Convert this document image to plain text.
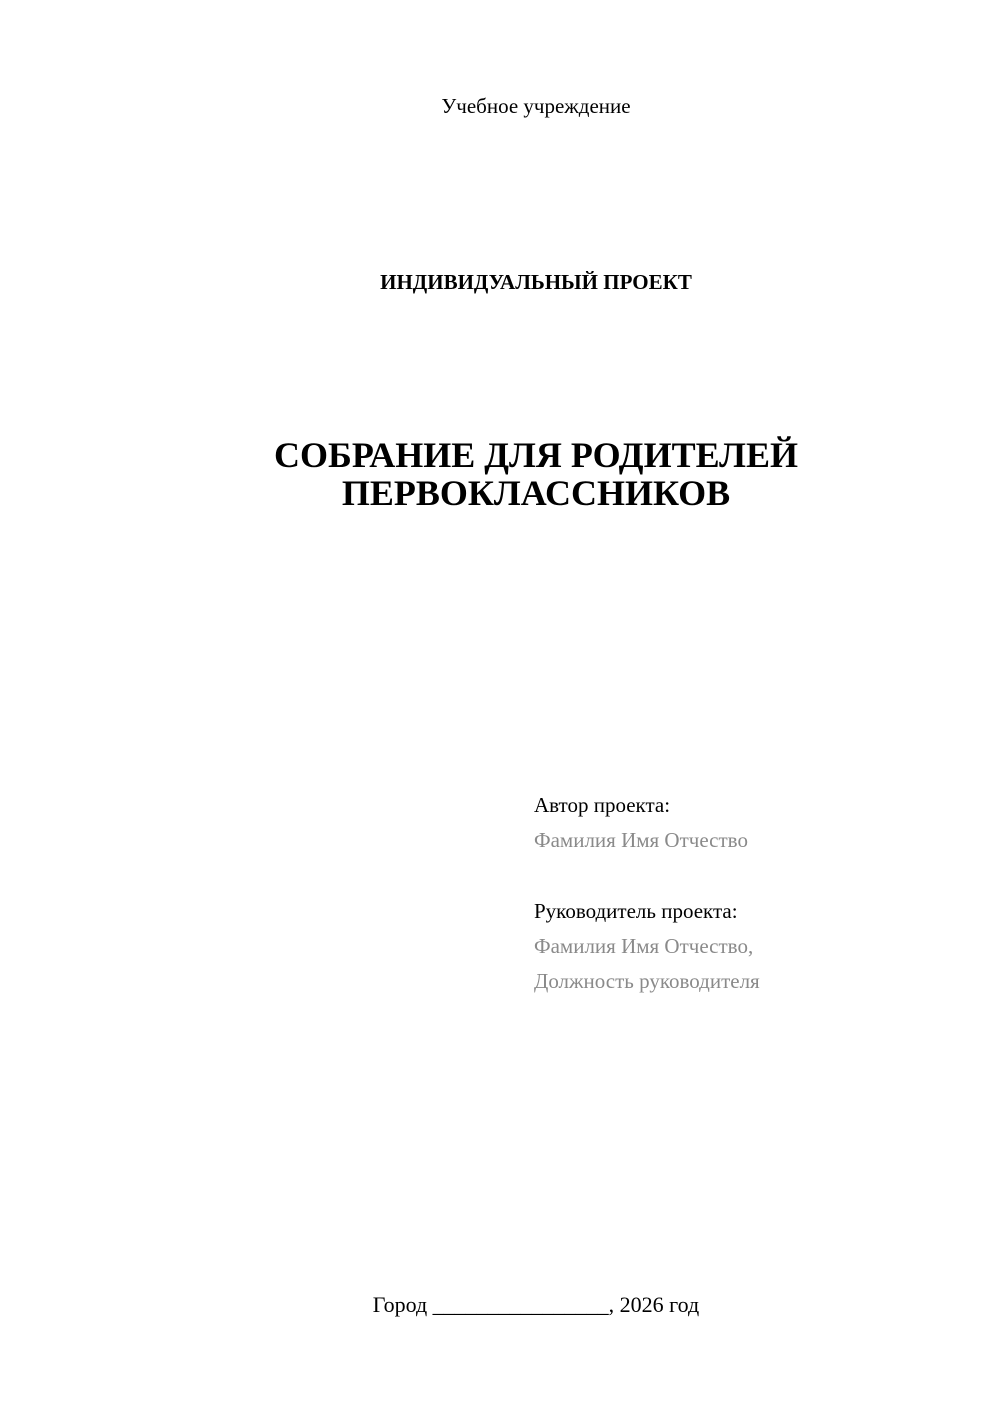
Учебное учреждение
ИНДИВИДУАЛЬНЫЙ ПРОЕКТ
СОБРАНИЕ ДЛЯ РОДИТЕЛЕЙ
ПЕРВОКЛАССНИКОВ
Автор проекта:
Фамилия Имя Отчество
Руководитель проекта:
Фамилия Имя Отчество,
Должность руководителя
Город ________________, 2026 год
